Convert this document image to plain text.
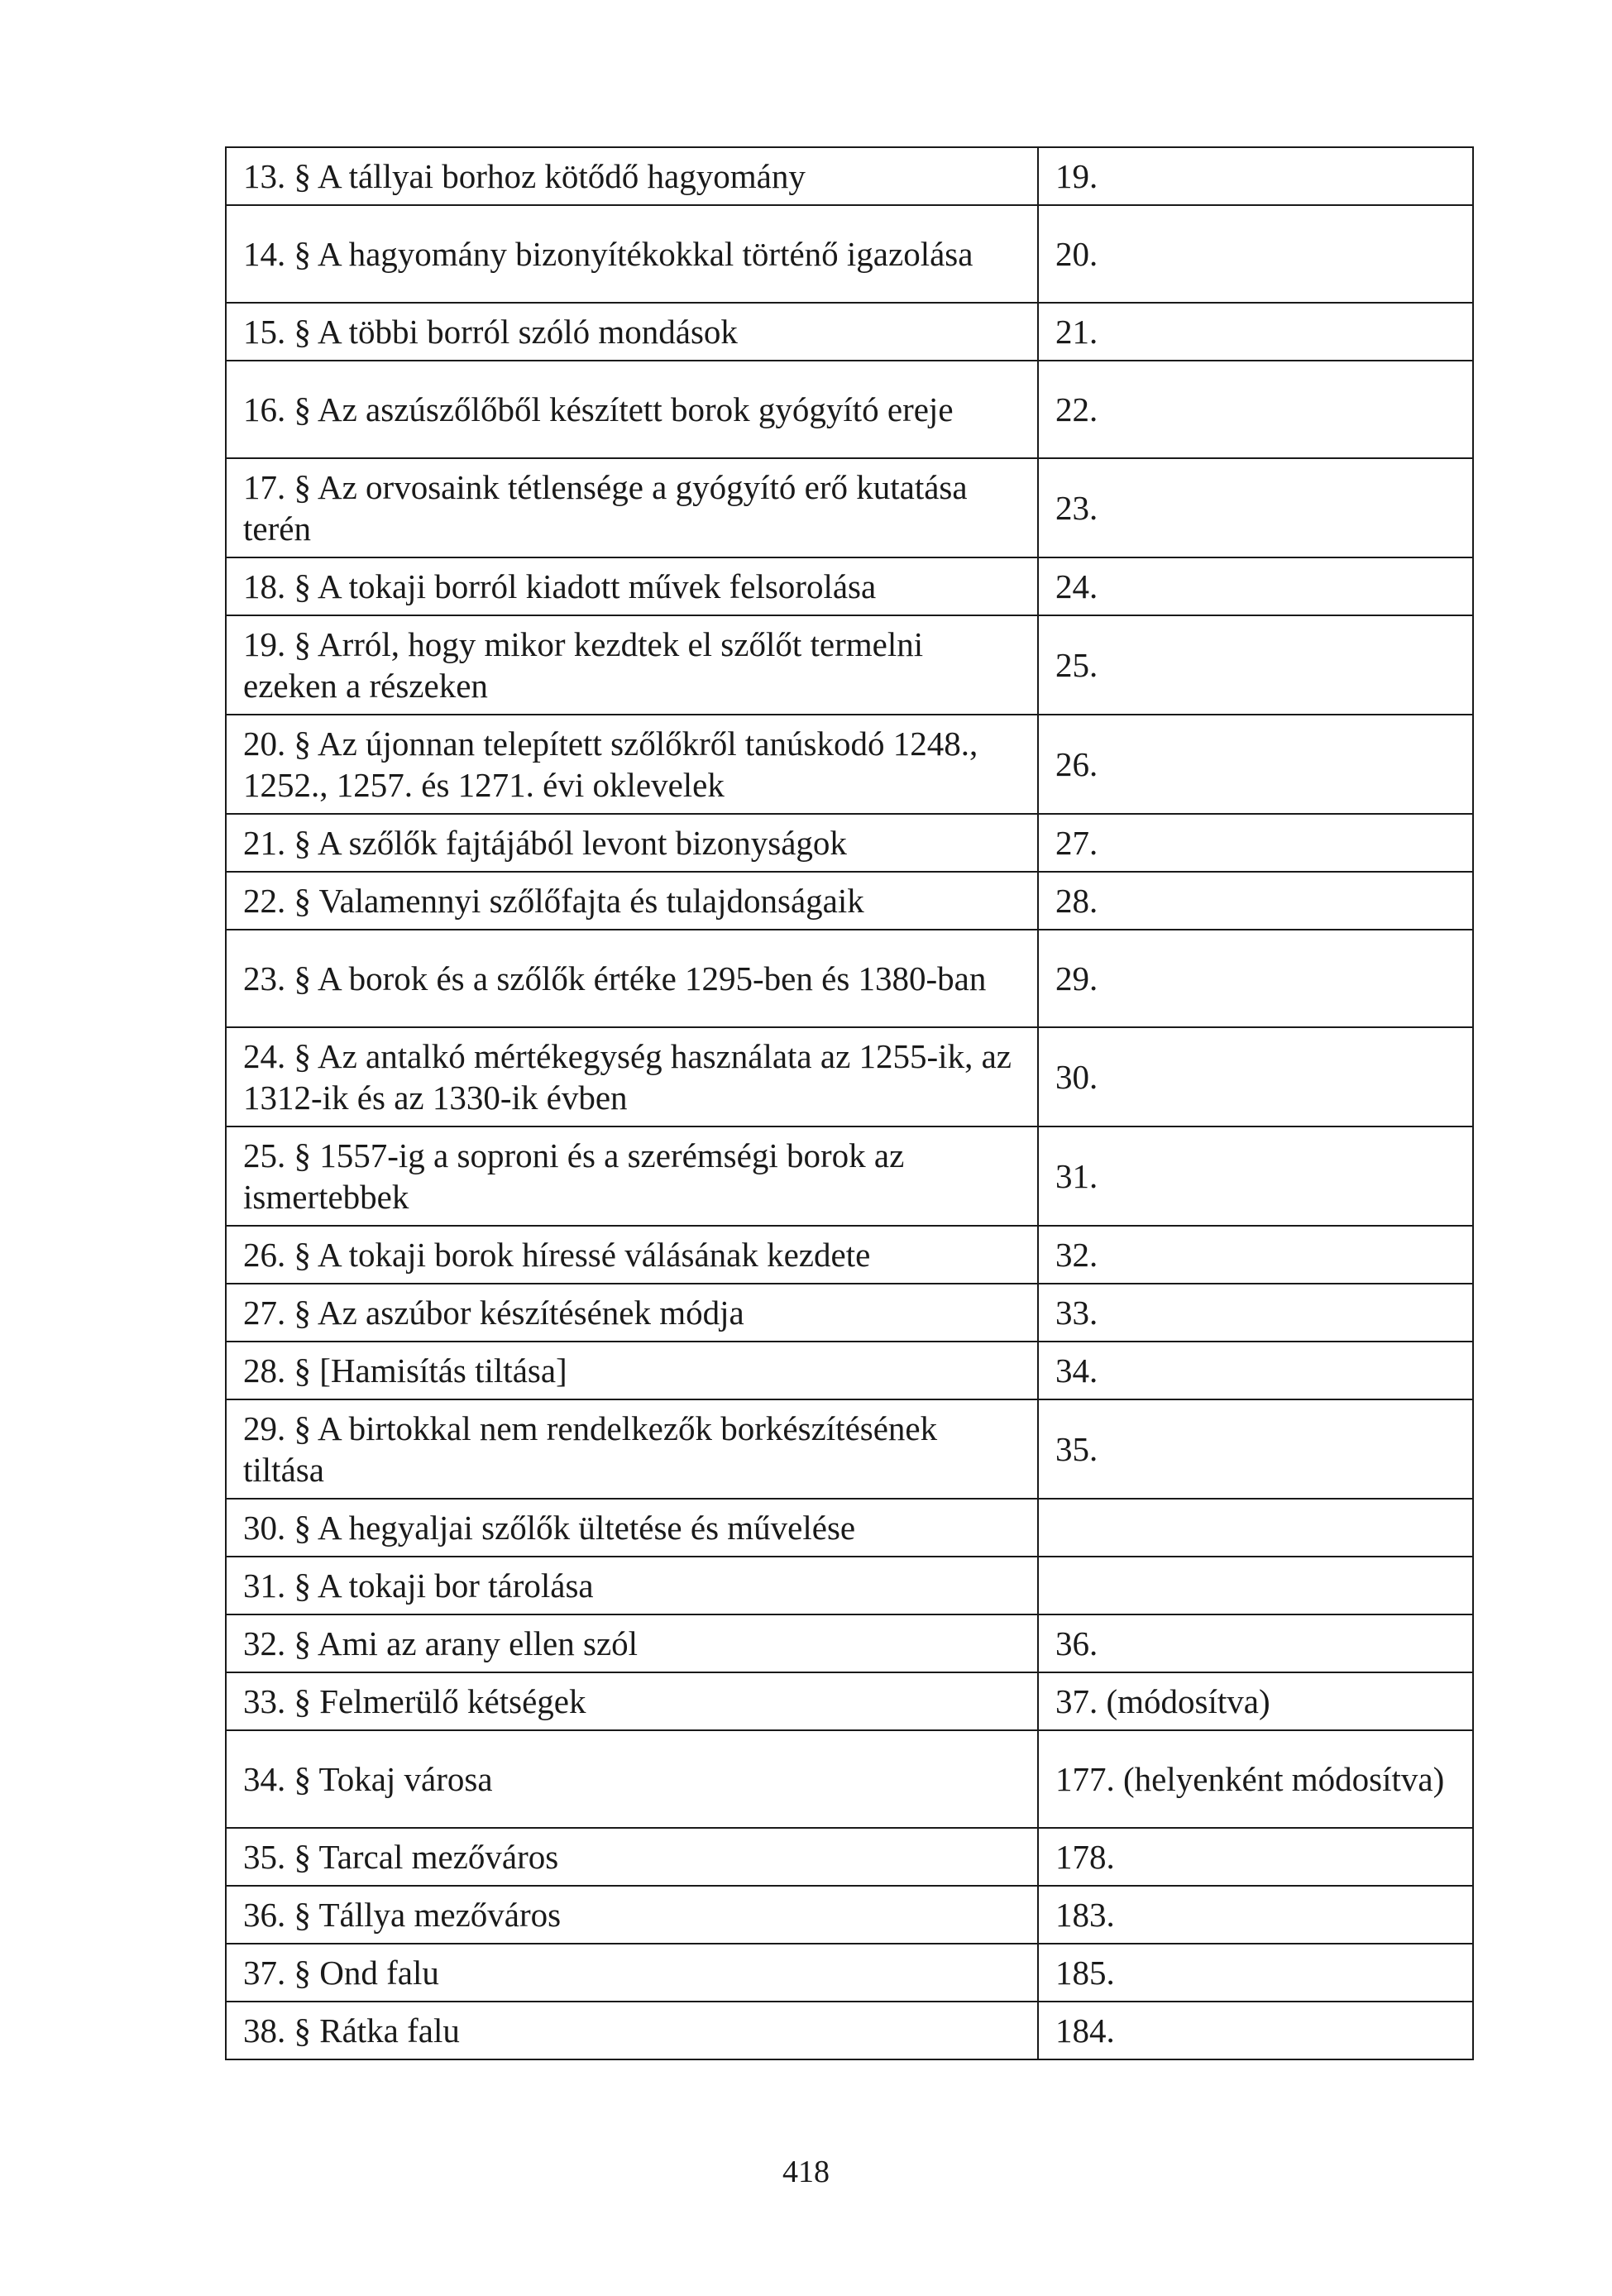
13. § A tállyai borhoz kötődő hagyomány	19.
14. § A hagyomány bizonyítékokkal történő igazolása	20.
15. § A többi borról szóló mondások	21.
16. § Az aszúszőlőből készített borok gyógyító ereje	22.
17. § Az orvosaink tétlensége a gyógyító erő kutatása terén	23.
18. § A tokaji borról kiadott művek felsorolása	24.
19. § Arról, hogy mikor kezdtek el szőlőt termelni ezeken a részeken	25.
20. § Az újonnan telepített szőlőkről tanúskodó 1248., 1252., 1257. és 1271. évi oklevelek	26.
21. § A szőlők fajtájából levont bizonyságok	27.
22. § Valamennyi szőlőfajta és tulajdonságaik	28.
23. § A borok és a szőlők értéke 1295-ben és 1380-ban	29.
24. § Az antalkó mértékegység használata az 1255-ik, az 1312-ik és az 1330-ik évben	30.
25. § 1557-ig a soproni és a szerémségi borok az ismertebbek	31.
26. § A tokaji borok híressé válásának kezdete	32.
27. § Az aszúbor készítésének módja	33.
28. § [Hamisítás tiltása]	34.
29. § A birtokkal nem rendelkezők borkészítésének tiltása	35.
30. § A hegyaljai szőlők ültetése és művelése	
31. § A tokaji bor tárolása	
32. § Ami az arany ellen szól	36.
33. § Felmerülő kétségek	37. (módosítva)
34. § Tokaj városa	177. (helyenként módosítva)
35. § Tarcal mezőváros	178.
36. § Tállya mezőváros	183.
37. § Ond falu	185.
38. § Rátka falu	184.
418
